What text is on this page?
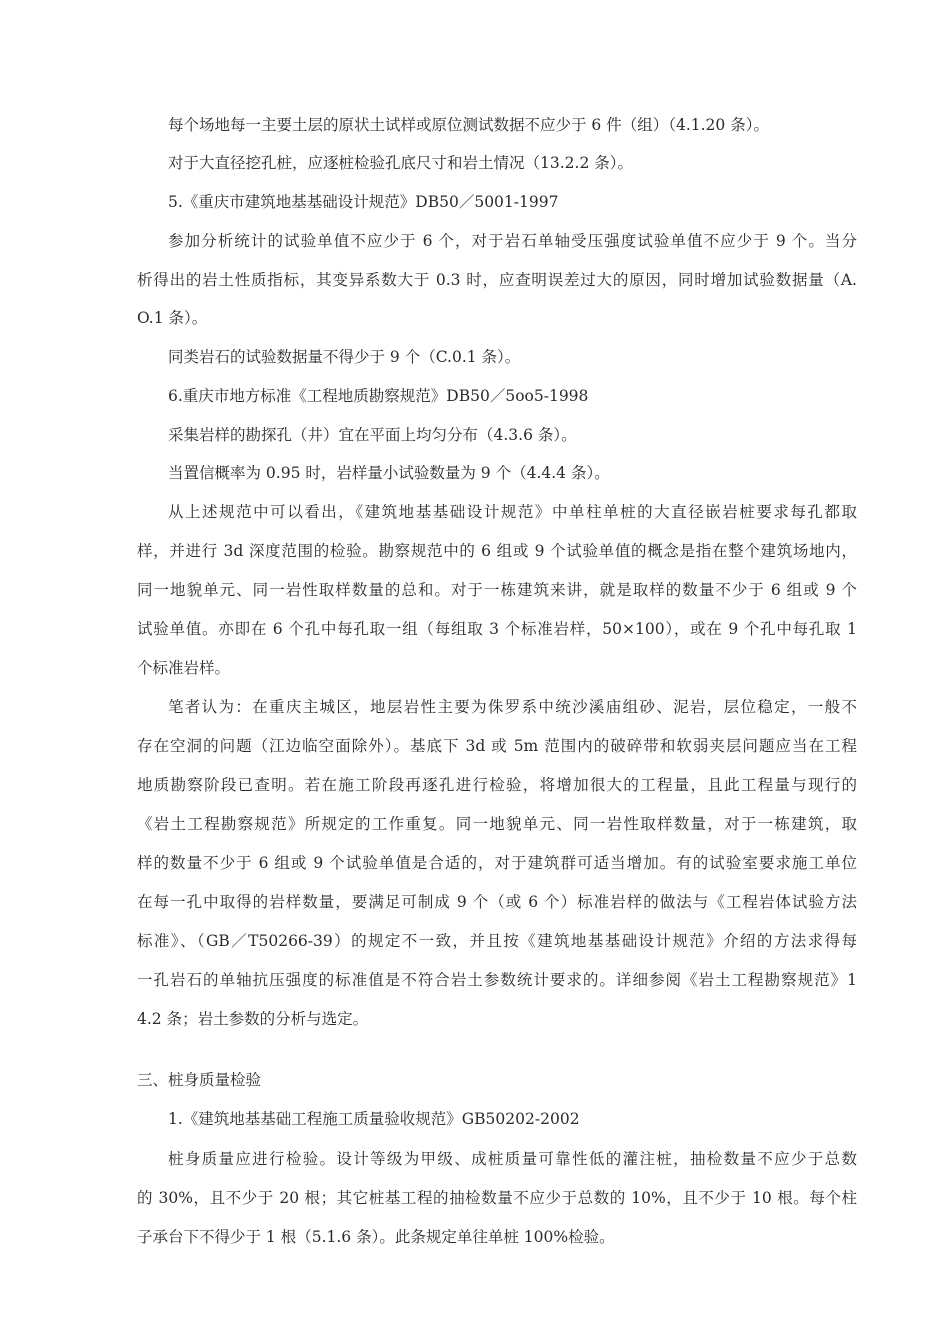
每个场地每一主要土层的原状土试样或原位测试数据不应少于 6 件（组）（4.1.20 条）。
对于大直径挖孔桩，应逐桩检验孔底尺寸和岩土情况（13.2.2 条）。
5.《重庆市建筑地基基础设计规范》DB50／5001-1997
参加分析统计的试验单值不应少于 6 个，对于岩石单轴受压强度试验单值不应少于 9 个。当分
析得出的岩土性质指标，其变异系数大于 0.3 时，应查明误差过大的原因，同时增加试验数据量（A.
O.1 条）。
同类岩石的试验数据量不得少于 9 个（C.0.1 条）。
6.重庆市地方标准《工程地质勘察规范》DB50／5oo5-1998
采集岩样的勘探孔（井）宜在平面上均匀分布（4.3.6 条）。
当置信概率为 0.95 时，岩样量小试验数量为 9 个（4.4.4 条）。
从上述规范中可以看出，《建筑地基基础设计规范》中单柱单桩的大直径嵌岩桩要求每孔都取
样，并进行 3d 深度范围的检验。勘察规范中的 6 组或 9 个试验单值的概念是指在整个建筑场地内，
同一地貌单元、同一岩性取样数量的总和。对于一栋建筑来讲，就是取样的数量不少于 6 组或 9 个
试验单值。亦即在 6 个孔中每孔取一组（每组取 3 个标准岩样，50×100），或在 9 个孔中每孔取 1
个标准岩样。
笔者认为：在重庆主城区，地层岩性主要为侏罗系中统沙溪庙组砂、泥岩，层位稳定，一般不
存在空洞的问题（江边临空面除外）。基底下 3d 或 5m 范围内的破碎带和软弱夹层问题应当在工程
地质勘察阶段已查明。若在施工阶段再逐孔进行检验，将增加很大的工程量，且此工程量与现行的
《岩土工程勘察规范》所规定的工作重复。同一地貌单元、同一岩性取样数量，对于一栋建筑，取
样的数量不少于 6 组或 9 个试验单值是合适的，对于建筑群可适当增加。有的试验室要求施工单位
在每一孔中取得的岩样数量，要满足可制成 9 个（或 6 个）标准岩样的做法与《工程岩体试验方法
标准》、（GB／T50266-39）的规定不一致，并且按《建筑地基基础设计规范》介绍的方法求得每
一孔岩石的单轴抗压强度的标准值是不符合岩土参数统计要求的。详细参阅《岩土工程勘察规范》1
4.2 条；岩土参数的分析与选定。
三、桩身质量检验
1.《建筑地基基础工程施工质量验收规范》GB50202-2002
桩身质量应进行检验。设计等级为甲级、成桩质量可靠性低的灌注桩，抽检数量不应少于总数
的 30%，且不少于 20 根；其它桩基工程的抽检数量不应少于总数的 10%，且不少于 10 根。每个柱
子承台下不得少于 1 根（5.1.6 条）。此条规定单往单桩 100%检验。
